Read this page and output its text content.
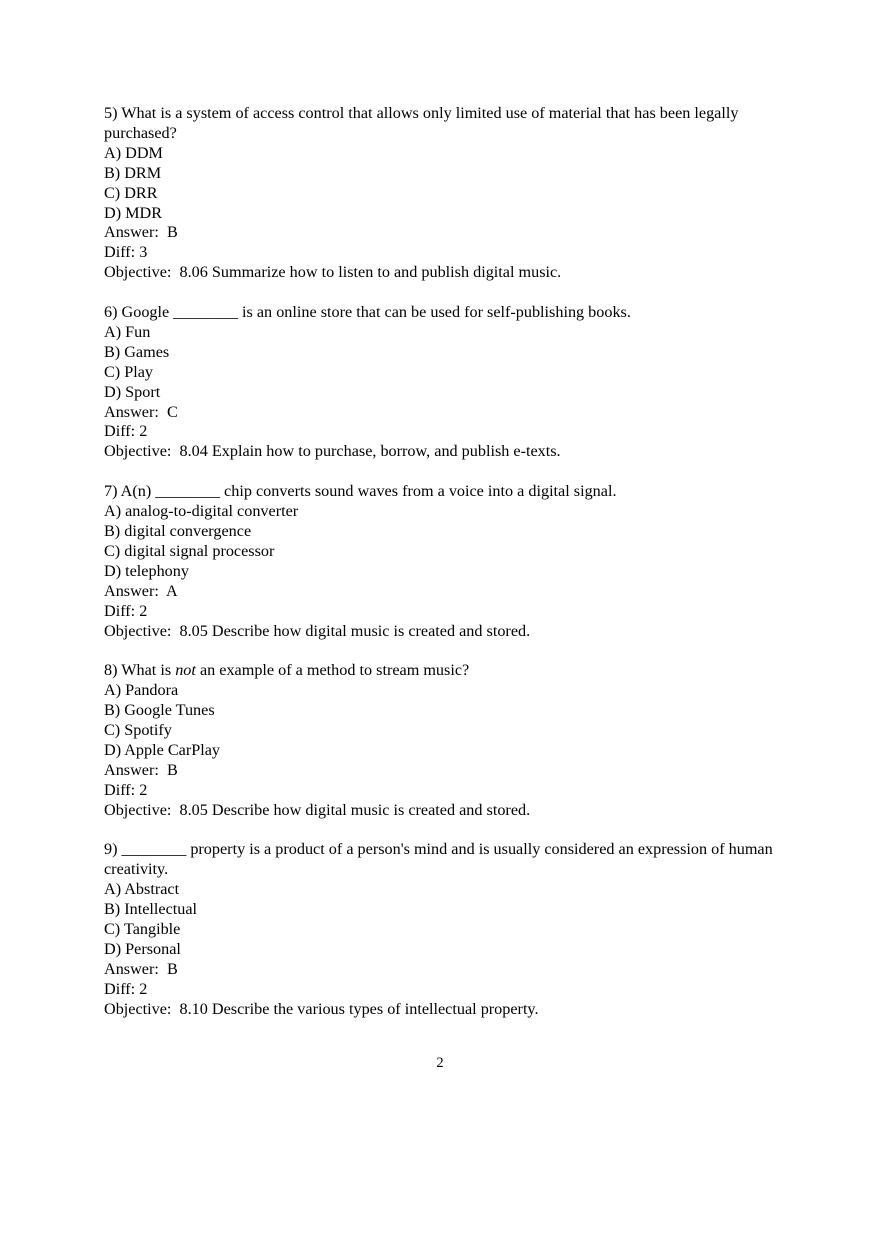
5) What is a system of access control that allows only limited use of material that has been legally purchased?
A) DDM
B) DRM
C) DRR
D) MDR
Answer:  B
Diff: 3
Objective:  8.06 Summarize how to listen to and publish digital music.
6) Google ________ is an online store that can be used for self-publishing books.
A) Fun
B) Games
C) Play
D) Sport
Answer:  C
Diff: 2
Objective:  8.04 Explain how to purchase, borrow, and publish e-texts.
7) A(n) ________ chip converts sound waves from a voice into a digital signal.
A) analog-to-digital converter
B) digital convergence
C) digital signal processor
D) telephony
Answer:  A
Diff: 2
Objective:  8.05 Describe how digital music is created and stored.
8) What is not an example of a method to stream music?
A) Pandora
B) Google Tunes
C) Spotify
D) Apple CarPlay
Answer:  B
Diff: 2
Objective:  8.05 Describe how digital music is created and stored.
9) ________ property is a product of a person's mind and is usually considered an expression of human creativity.
A) Abstract
B) Intellectual
C) Tangible
D) Personal
Answer:  B
Diff: 2
Objective:  8.10 Describe the various types of intellectual property.
2
